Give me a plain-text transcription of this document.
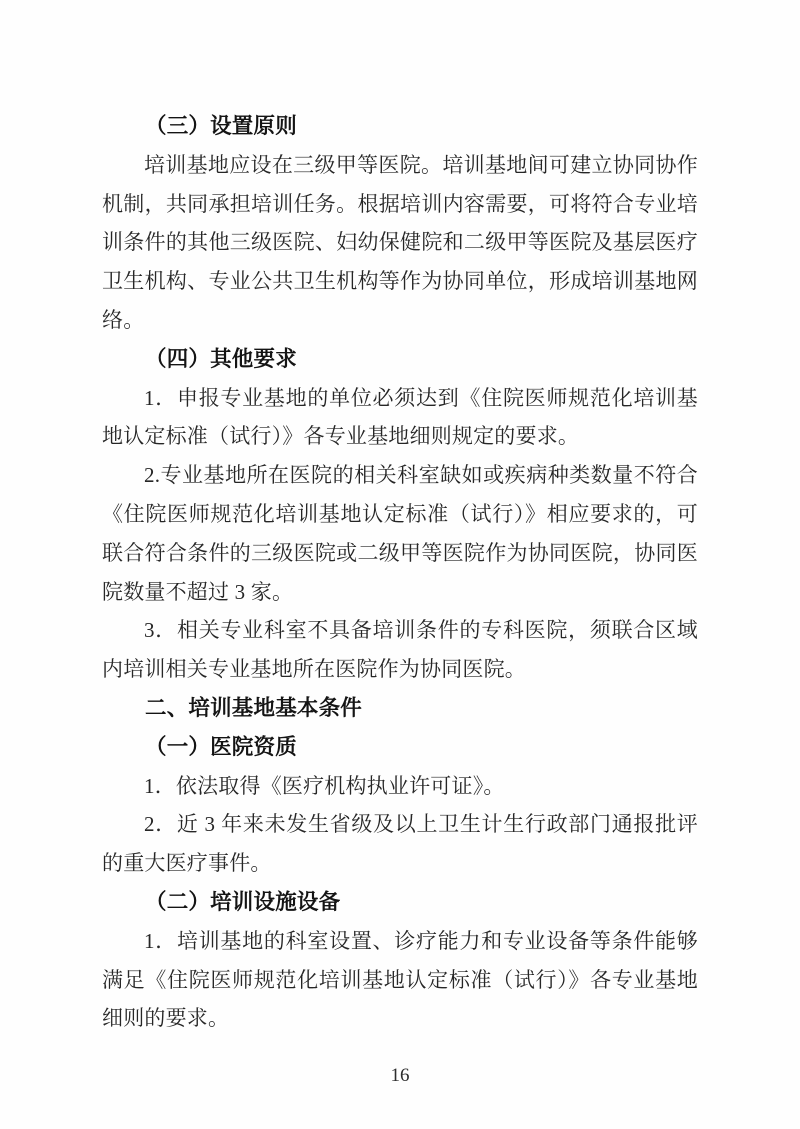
（三）设置原则

培训基地应设在三级甲等医院。培训基地间可建立协同协作机制，共同承担培训任务。根据培训内容需要，可将符合专业培训条件的其他三级医院、妇幼保健院和二级甲等医院及基层医疗卫生机构、专业公共卫生机构等作为协同单位，形成培训基地网络。

（四）其他要求

1．申报专业基地的单位必须达到《住院医师规范化培训基地认定标准（试行）》各专业基地细则规定的要求。

2.专业基地所在医院的相关科室缺如或疾病种类数量不符合《住院医师规范化培训基地认定标准（试行）》相应要求的，可联合符合条件的三级医院或二级甲等医院作为协同医院，协同医院数量不超过 3 家。

3．相关专业科室不具备培训条件的专科医院，须联合区域内培训相关专业基地所在医院作为协同医院。

二、培训基地基本条件

（一）医院资质

1．依法取得《医疗机构执业许可证》。

2．近 3 年来未发生省级及以上卫生计生行政部门通报批评的重大医疗事件。

（二）培训设施设备

1．培训基地的科室设置、诊疗能力和专业设备等条件能够满足《住院医师规范化培训基地认定标准（试行）》各专业基地细则的要求。

16
